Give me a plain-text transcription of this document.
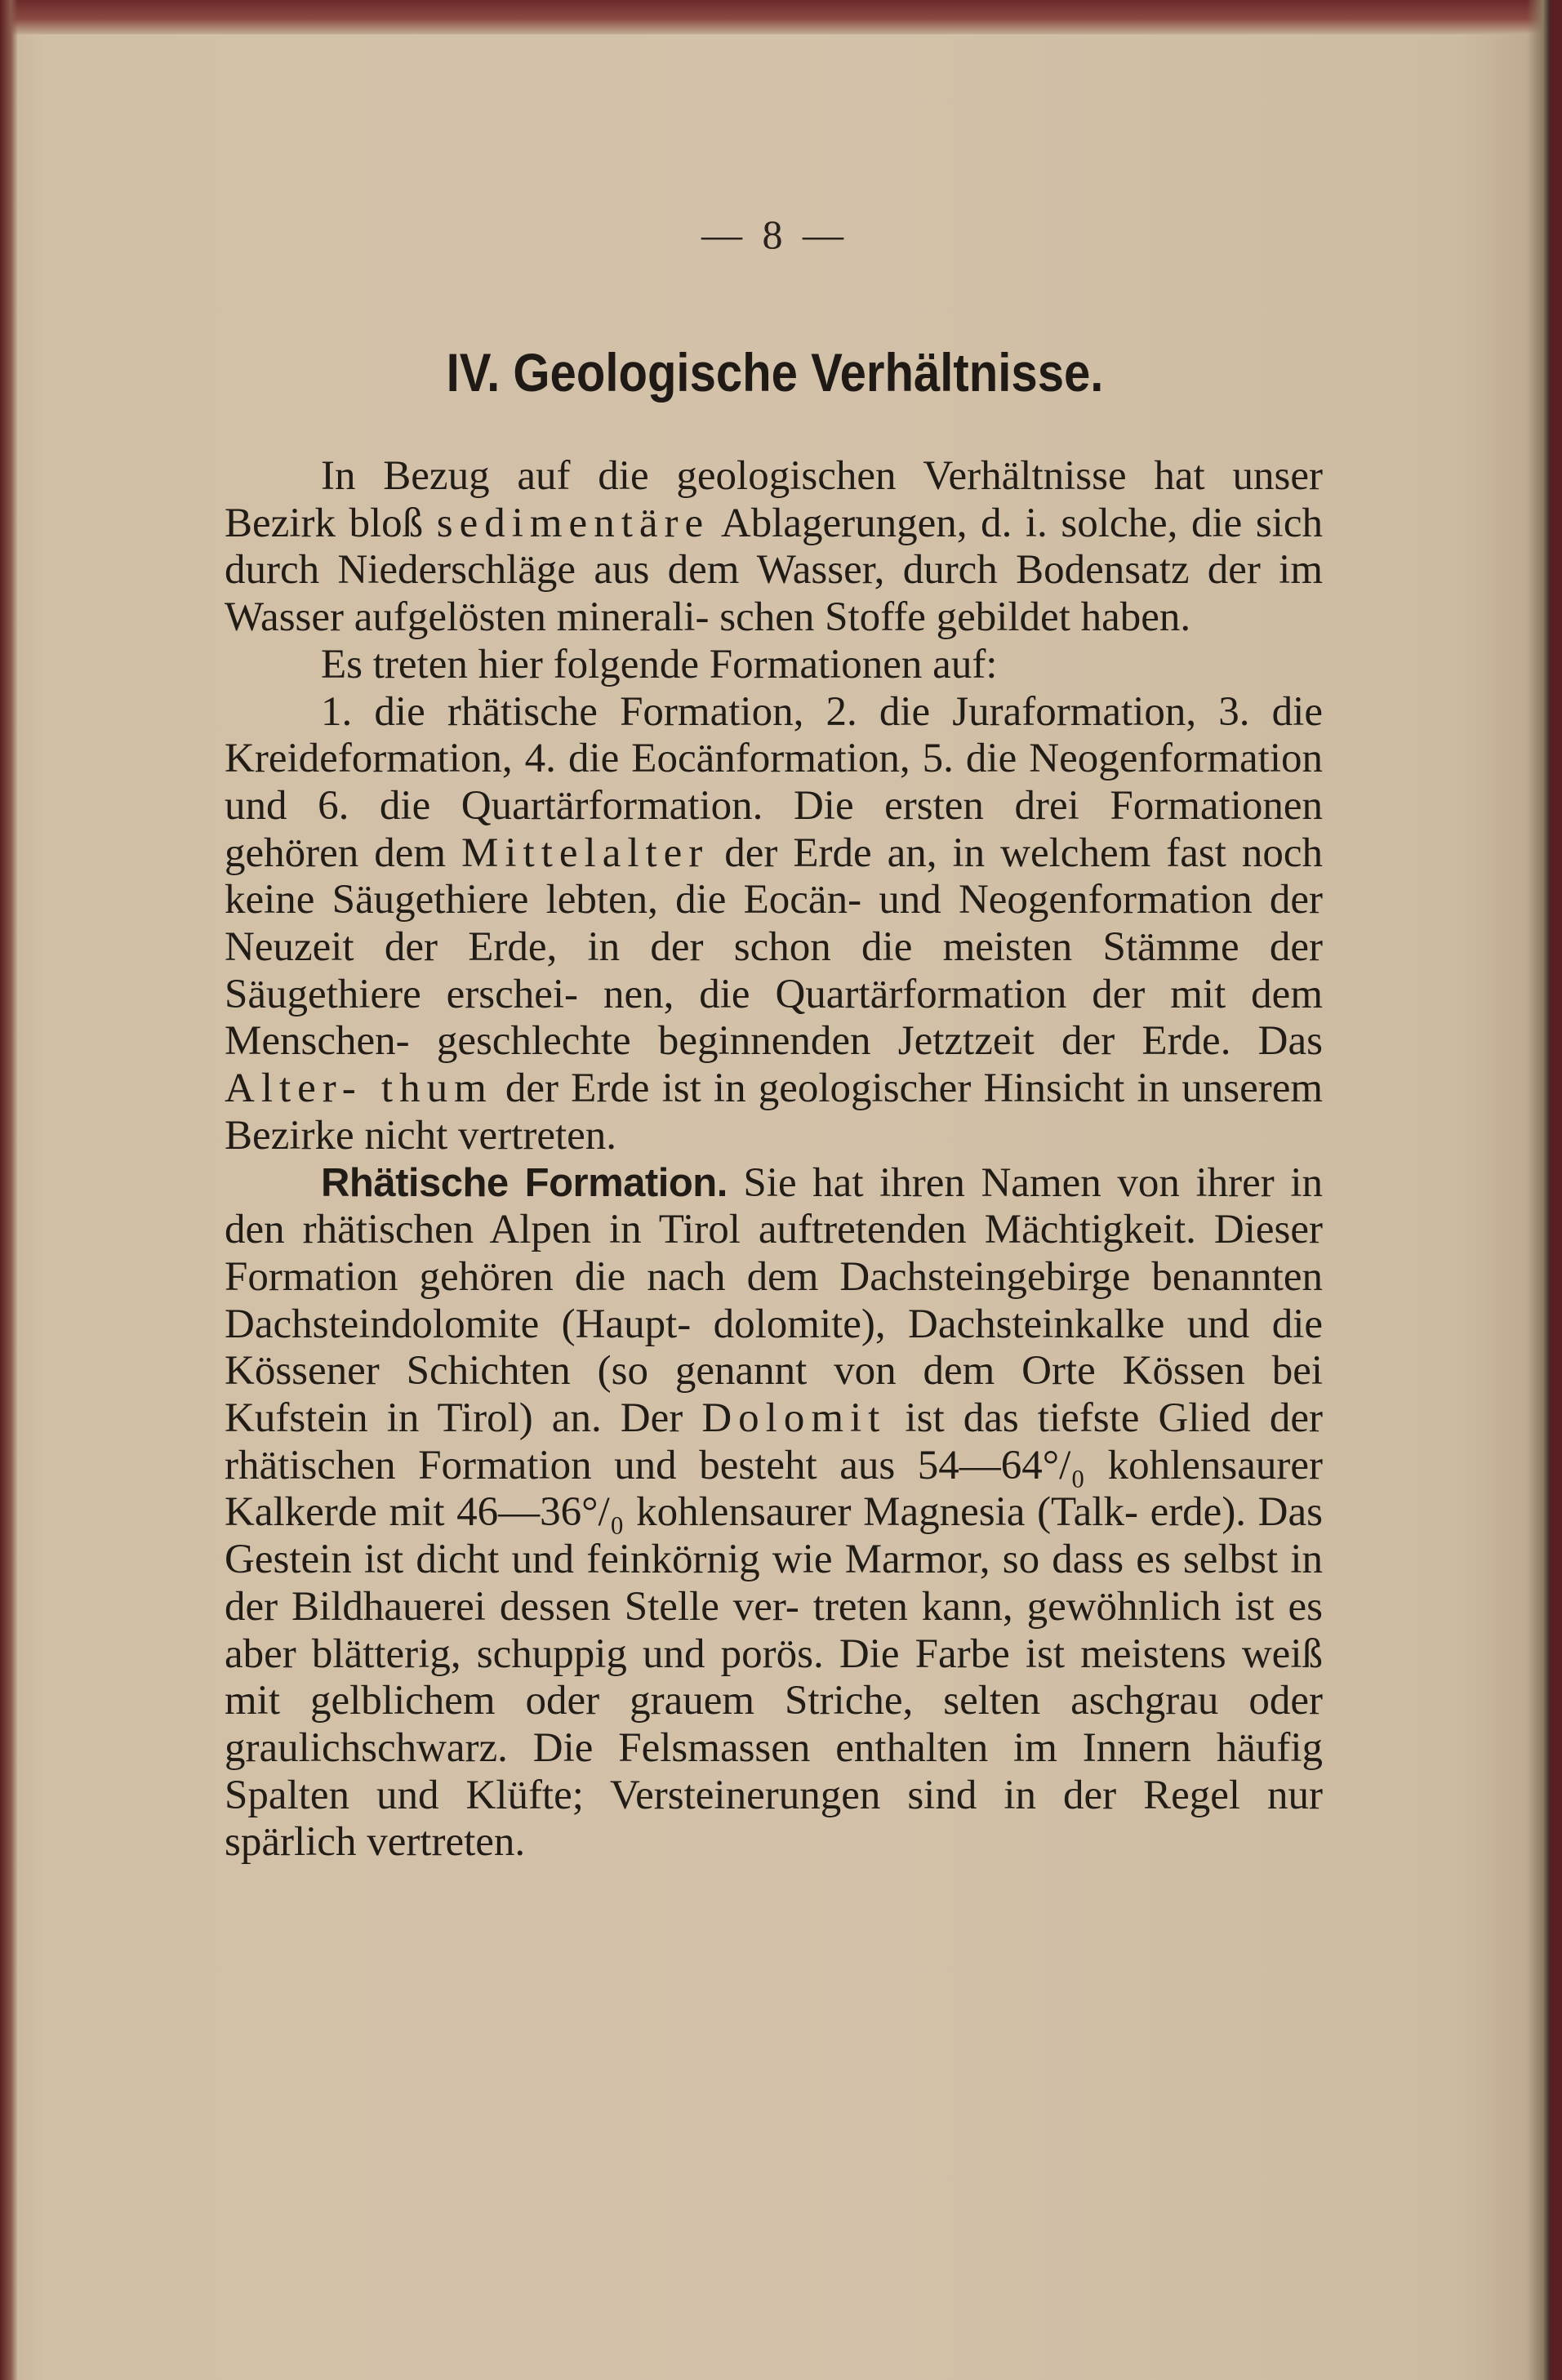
— 8 —
IV. Geologische Verhältnisse.

In Bezug auf die geologischen Verhältnisse hat unser Bezirk bloß sedimentäre Ablagerungen, d. i. solche, die sich durch Niederschläge aus dem Wasser, durch Bodensatz der im Wasser aufgelösten minerali- schen Stoffe gebildet haben.

Es treten hier folgende Formationen auf:

1. die rhätische Formation, 2. die Juraformation, 3. die Kreideformation, 4. die Eocänformation, 5. die Neogenformation und 6. die Quartärformation. Die ersten drei Formationen gehören dem Mittelalter der Erde an, in welchem fast noch keine Säugethiere lebten, die Eocän- und Neogenformation der Neuzeit der Erde, in der schon die meisten Stämme der Säugethiere erschei- nen, die Quartärformation der mit dem Menschen- geschlechte beginnenden Jetztzeit der Erde. Das Alter- thum der Erde ist in geologischer Hinsicht in unserem Bezirke nicht vertreten.

Rhätische Formation. Sie hat ihren Namen von ihrer in den rhätischen Alpen in Tirol auftretenden Mächtigkeit. Dieser Formation gehören die nach dem Dachsteingebirge benannten Dachsteindolomite (Haupt- dolomite), Dachsteinkalke und die Kössener Schichten (so genannt von dem Orte Kössen bei Kufstein in Tirol) an. Der Dolomit ist das tiefste Glied der rhätischen Formation und besteht aus 54—64°/₀ kohlensaurer Kalkerde mit 46—36°/₀ kohlensaurer Magnesia (Talk- erde). Das Gestein ist dicht und feinkörnig wie Marmor, so dass es selbst in der Bildhauerei dessen Stelle ver- treten kann, gewöhnlich ist es aber blätterig, schuppig und porös. Die Farbe ist meistens weiß mit gelblichem oder grauem Striche, selten aschgrau oder graulichschwarz. Die Felsmassen enthalten im Innern häufig Spalten und Klüfte; Versteinerungen sind in der Regel nur spärlich vertreten.
